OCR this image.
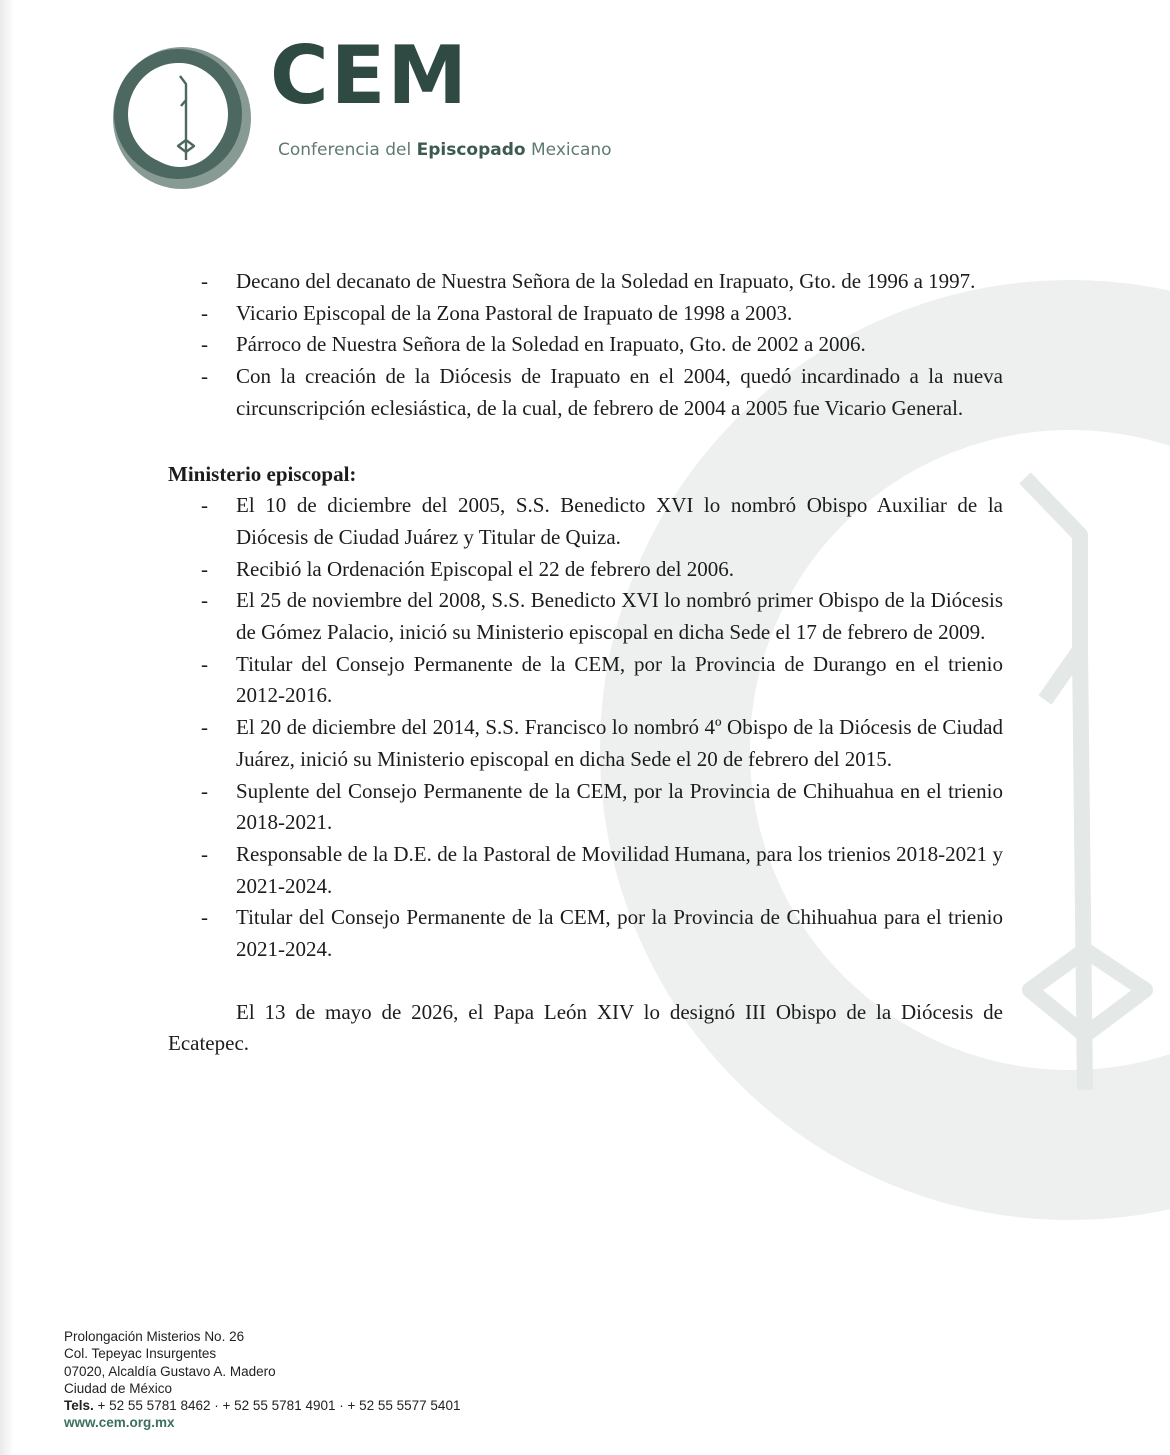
CEM
Conferencia del Episcopado Mexicano
- Decano del decanato de Nuestra Señora de la Soledad en Irapuato, Gto. de 1996 a 1997.
- Vicario Episcopal de la Zona Pastoral de Irapuato de 1998 a 2003.
- Párroco de Nuestra Señora de la Soledad en Irapuato, Gto. de 2002 a 2006.
- Con la creación de la Diócesis de Irapuato en el 2004, quedó incardinado a la nueva circunscripción eclesiástica, de la cual, de febrero de 2004 a 2005 fue Vicario General.
Ministerio episcopal:
- El 10 de diciembre del 2005, S.S. Benedicto XVI lo nombró Obispo Auxiliar de la Diócesis de Ciudad Juárez y Titular de Quiza.
- Recibió la Ordenación Episcopal el 22 de febrero del 2006.
- El 25 de noviembre del 2008, S.S. Benedicto XVI lo nombró primer Obispo de la Diócesis de Gómez Palacio, inició su Ministerio episcopal en dicha Sede el 17 de febrero de 2009.
- Titular del Consejo Permanente de la CEM, por la Provincia de Durango en el trienio 2012-2016.
- El 20 de diciembre del 2014, S.S. Francisco lo nombró 4º Obispo de la Diócesis de Ciudad Juárez, inició su Ministerio episcopal en dicha Sede el 20 de febrero del 2015.
- Suplente del Consejo Permanente de la CEM, por la Provincia de Chihuahua en el trienio 2018-2021.
- Responsable de la D.E. de la Pastoral de Movilidad Humana, para los trienios 2018-2021 y 2021-2024.
- Titular del Consejo Permanente de la CEM, por la Provincia de Chihuahua para el trienio 2021-2024.
El 13 de mayo de 2026, el Papa León XIV lo designó III Obispo de la Diócesis de Ecatepec.
Prolongación Misterios No. 26
Col. Tepeyac Insurgentes
07020, Alcaldía Gustavo A. Madero
Ciudad de México
Tels. + 52 55 5781 8462 · + 52 55 5781 4901 · + 52 55 5577 5401
www.cem.org.mx
